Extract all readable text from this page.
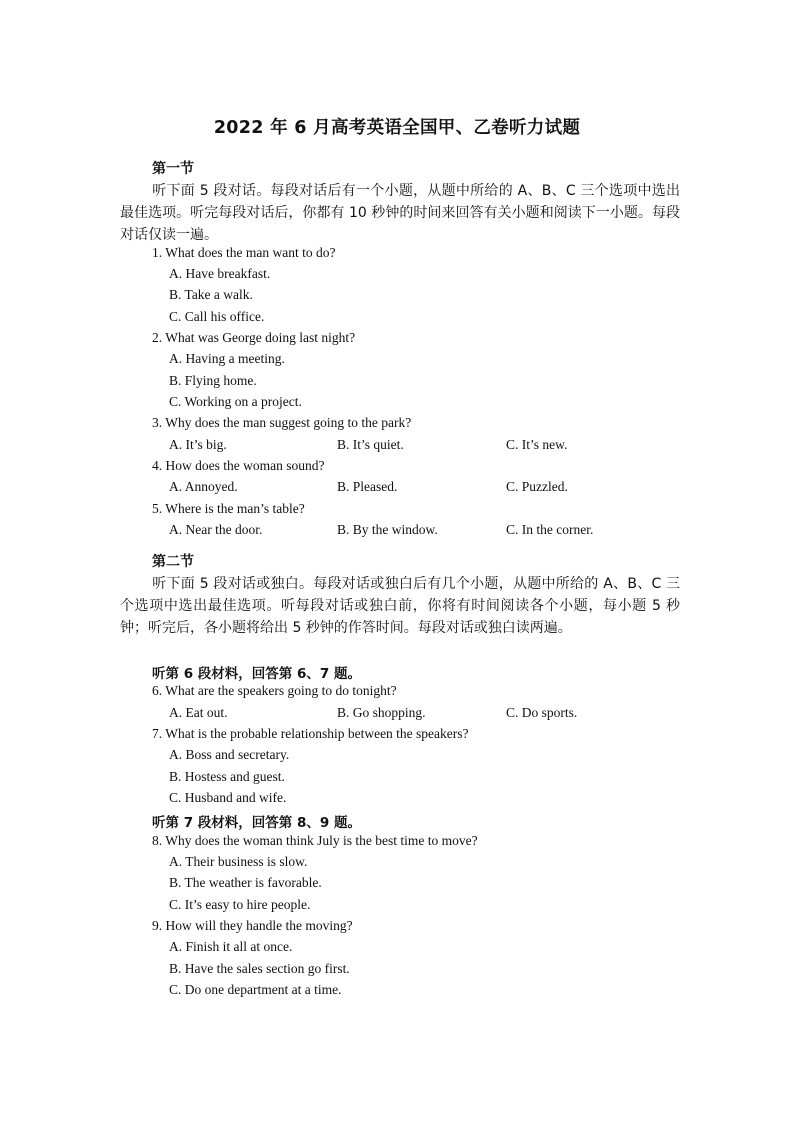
2022 年 6 月高考英语全国甲、乙卷听力试题
第一节
听下面 5 段对话。每段对话后有一个小题，从题中所给的 A、B、C 三个选项中选出最佳选项。听完每段对话后，你都有 10 秒钟的时间来回答有关小题和阅读下一小题。每段对话仅读一遍。
1. What does the man want to do?
A. Have breakfast.
B. Take a walk.
C. Call his office.
2. What was George doing last night?
A. Having a meeting.
B. Flying home.
C. Working on a project.
3. Why does the man suggest going to the park?
A. It’s big.	B. It’s quiet.	C. It’s new.
4. How does the woman sound?
A. Annoyed.	B. Pleased.	C. Puzzled.
5. Where is the man’s table?
A. Near the door.	B. By the window.	C. In the corner.
第二节
听下面 5 段对话或独白。每段对话或独白后有几个小题，从题中所给的 A、B、C 三个选项中选出最佳选项。听每段对话或独白前，你将有时间阅读各个小题，每小题 5 秒钟；听完后，各小题将给出 5 秒钟的作答时间。每段对话或独白读两遍。
听第 6 段材料，回答第 6、7 题。
6. What are the speakers going to do tonight?
A. Eat out.	B. Go shopping.	C. Do sports.
7. What is the probable relationship between the speakers?
A. Boss and secretary.
B. Hostess and guest.
C. Husband and wife.
听第 7 段材料，回答第 8、9 题。
8. Why does the woman think July is the best time to move?
A. Their business is slow.
B. The weather is favorable.
C. It’s easy to hire people.
9. How will they handle the moving?
A. Finish it all at once.
B. Have the sales section go first.
C. Do one department at a time.
